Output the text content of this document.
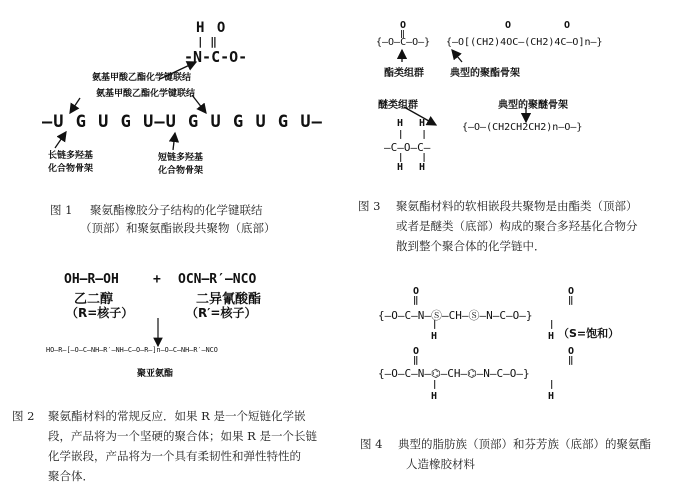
H O
| ‖
-N-C-O-
氨基甲酸乙酯化学键联结
氨基甲酸乙酯化学键联结
—U G U G U—U G U G U G U—
长链多羟基
化合物骨架
短链多羟基
化合物骨架
图 1 聚氨酯橡胶分子结构的化学键联结
（顶部）和聚氨酯嵌段共聚物（底部）
OH—R—OH	+ OCN—R′—NCO
乙二醇
（R=核子）
二异氰酸酯
（R′=核子）
HO—R—[—O—C—NH—R′—NH—C—O—R—]n—O—C—NH—R′—NCO
聚亚氨酯
图 2 聚氨酯材料的常规反应．如果 R 是一个短链化学嵌
段，产品将为一个坚硬的聚合体；如果 R 是一个长链
化学嵌段，产品将为一个具有柔韧性和弹性特性的
聚合体．
O
‖
{—O—C—O—}
O	O
{—O[(CH2)4OC—(CH2)4C—O]n—}
酯类组群	典型的聚酯骨架
醚类组群	典型的聚醚骨架
HH
||
—C—O—C—
||
HH
{—O—(CH2CH2CH2)n—O—}
图 3 聚氨酯材料的软相嵌段共聚物是由酯类（顶部）
或者是醚类（底部）构成的聚合多羟基化合物分
散到整个聚合体的化学链中．
O	O
‖	‖
{—O—C—N—Ⓢ—CH—Ⓢ—N—C—O—}
|	|
H	H （S=饱和）
O	O
‖	‖
{—O—C—N—⌬—CH—⌬—N—C—O—}
|	|
H	H
图 4 典型的脂肪族（顶部）和芬芳族（底部）的聚氨酯
人造橡胶材料
